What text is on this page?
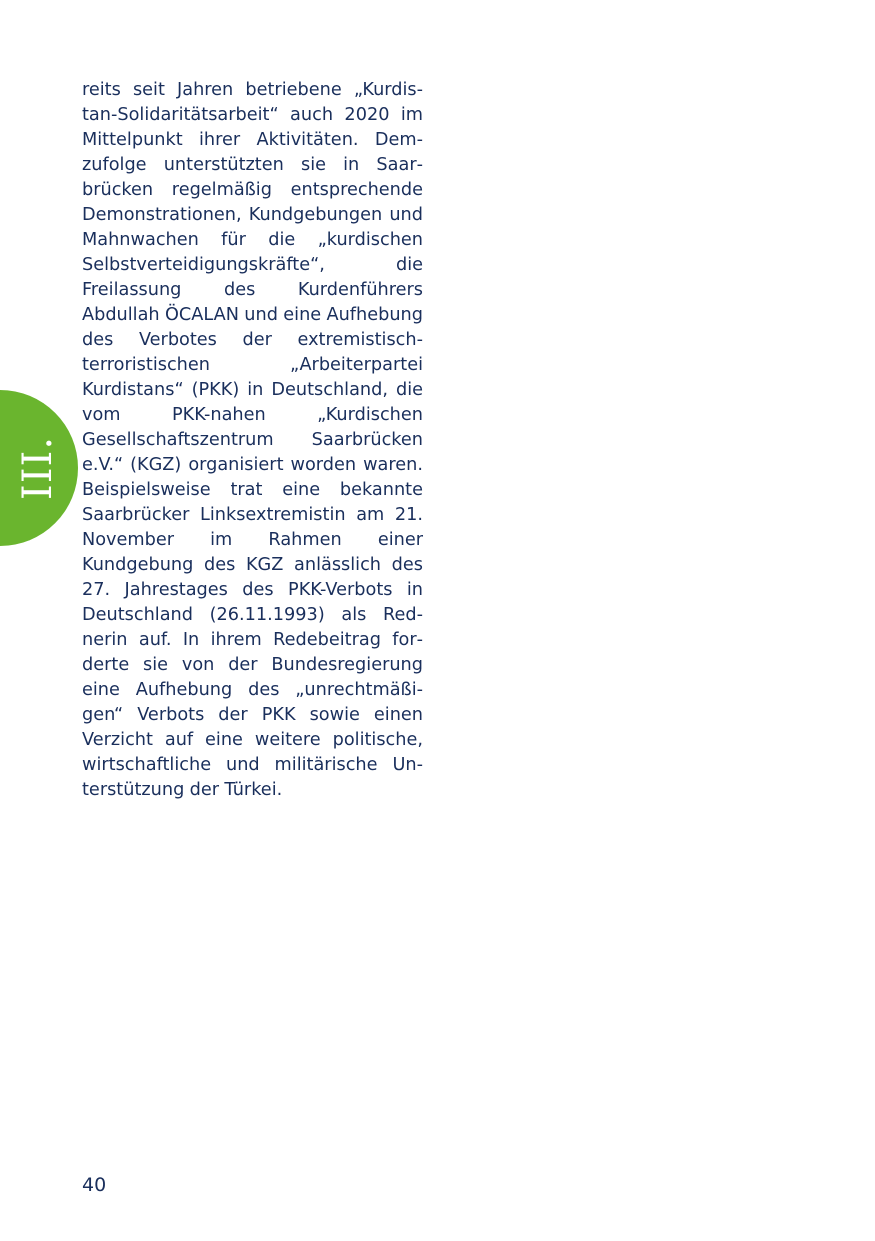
III.

reits seit Jahren betriebene „Kurdistan-Solidaritätsarbeit“ auch 2020 im Mittelpunkt ihrer Aktivitäten. Demzufolge unterstützten sie in Saarbrücken regelmäßig entsprechende Demonstrationen, Kundgebungen und Mahnwachen für die „kurdischen Selbstverteidigungskräfte“, die Freilassung des Kurdenführers Abdullah ÖCALAN und eine Aufhebung des Verbotes der extremistisch-terroristischen „Arbeiterpartei Kurdistans“ (PKK) in Deutschland, die vom PKK-nahen „Kurdischen Gesellschaftszentrum Saarbrücken e.V.“ (KGZ) organisiert worden waren. Beispielsweise trat eine bekannte Saarbrücker Linksextremistin am 21. November im Rahmen einer Kundgebung des KGZ anlässlich des 27. Jahrestages des PKK-Verbots in Deutschland (26.11.1993) als Rednerin auf. In ihrem Redebeitrag forderte sie von der Bundesregierung eine Aufhebung des „unrechtmäßigen“ Verbots der PKK sowie einen Verzicht auf eine weitere politische, wirtschaftliche und militärische Unterstützung der Türkei.

40
